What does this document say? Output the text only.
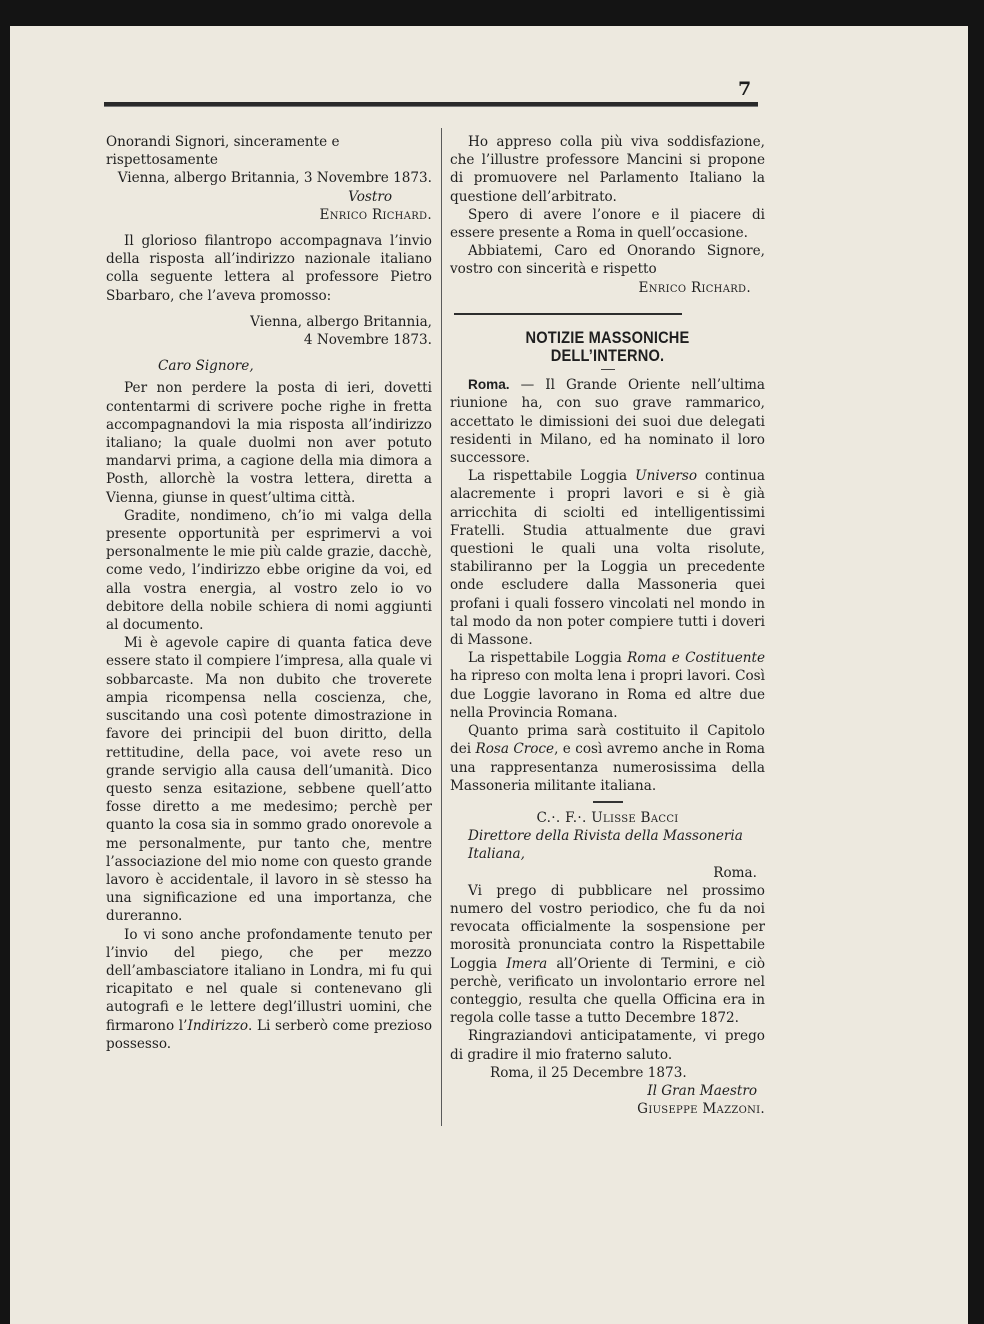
7

Onorandi Signori, sinceramente e rispettosamente

Vienna, albergo Britannia, 3 Novembre 1873.

Vostro

Enrico Richard.

Il glorioso filantropo accompagnava l’invio della risposta all’indirizzo nazionale italiano colla seguente lettera al professore Pietro Sbarbaro, che l’aveva promosso:

Vienna, albergo Britannia,

4 Novembre 1873.

Caro Signore,

Per non perdere la posta di ieri, dovetti contentarmi di scrivere poche righe in fretta accompagnandovi la mia risposta all’indirizzo italiano; la quale duolmi non aver potuto mandarvi prima, a cagione della mia dimora a Posth, allorchè la vostra lettera, diretta a Vienna, giunse in quest’ultima città.

Gradite, nondimeno, ch’io mi valga della presente opportunità per esprimervi a voi personalmente le mie più calde grazie, dacchè, come vedo, l’indirizzo ebbe origine da voi, ed alla vostra energia, al vostro zelo io vo debitore della nobile schiera di nomi aggiunti al documento.

Mi è agevole capire di quanta fatica deve essere stato il compiere l’impresa, alla quale vi sobbarcaste. Ma non dubito che troverete ampia ricompensa nella coscienza, che, suscitando una così potente dimostrazione in favore dei principii del buon diritto, della rettitudine, della pace, voi avete reso un grande servigio alla causa dell’umanità. Dico questo senza esitazione, sebbene quell’atto fosse diretto a me medesimo; perchè per quanto la cosa sia in sommo grado onorevole a me personalmente, pur tanto che, mentre l’associazione del mio nome con questo grande lavoro è accidentale, il lavoro in sè stesso ha una significazione ed una importanza, che dureranno.

Io vi sono anche profondamente tenuto per l’invio del piego, che per mezzo dell’ambasciatore italiano in Londra, mi fu qui ricapitato e nel quale si contenevano gli autografi e le lettere degl’illustri uomini, che firmarono l’Indirizzo. Li serberò come prezioso possesso.

Ho appreso colla più viva soddisfazione, che l’illustre professore Mancini si propone di promuovere nel Parlamento Italiano la questione dell’arbitrato.

Spero di avere l’onore e il piacere di essere presente a Roma in quell’occasione.

Abbiatemi, Caro ed Onorando Signore, vostro con sincerità e rispetto

Enrico Richard.

NOTIZIE MASSONICHE DELL’INTERNO.

Roma. — Il Grande Oriente nell’ultima riunione ha, con suo grave rammarico, accettato le dimissioni dei suoi due delegati residenti in Milano, ed ha nominato il loro successore.

La rispettabile Loggia Universo continua alacremente i propri lavori e si è già arricchita di sciolti ed intelligentissimi Fratelli. Studia attualmente due gravi questioni le quali una volta risolute, stabiliranno per la Loggia un precedente onde escludere dalla Massoneria quei profani i quali fossero vincolati nel mondo in tal modo da non poter compiere tutti i doveri di Massone.

La rispettabile Loggia Roma e Costituente ha ripreso con molta lena i propri lavori. Così due Loggie lavorano in Roma ed altre due nella Provincia Romana.

Quanto prima sarà costituito il Capitolo dei Rosa Croce, e così avremo anche in Roma una rappresentanza numerosissima della Massoneria militante italiana.

C.·. F.·. Ulisse Bacci

Direttore della Rivista della Massoneria Italiana,

Roma.

Vi prego di pubblicare nel prossimo numero del vostro periodico, che fu da noi revocata officialmente la sospensione per morosità pronunciata contro la Rispettabile Loggia Imera all’Oriente di Termini, e ciò perchè, verificato un involontario errore nel conteggio, resulta che quella Officina era in regola colle tasse a tutto Decembre 1872.

Ringraziandovi anticipatamente, vi prego di gradire il mio fraterno saluto.

Roma, il 25 Decembre 1873.

Il Gran Maestro

Giuseppe Mazzoni.
